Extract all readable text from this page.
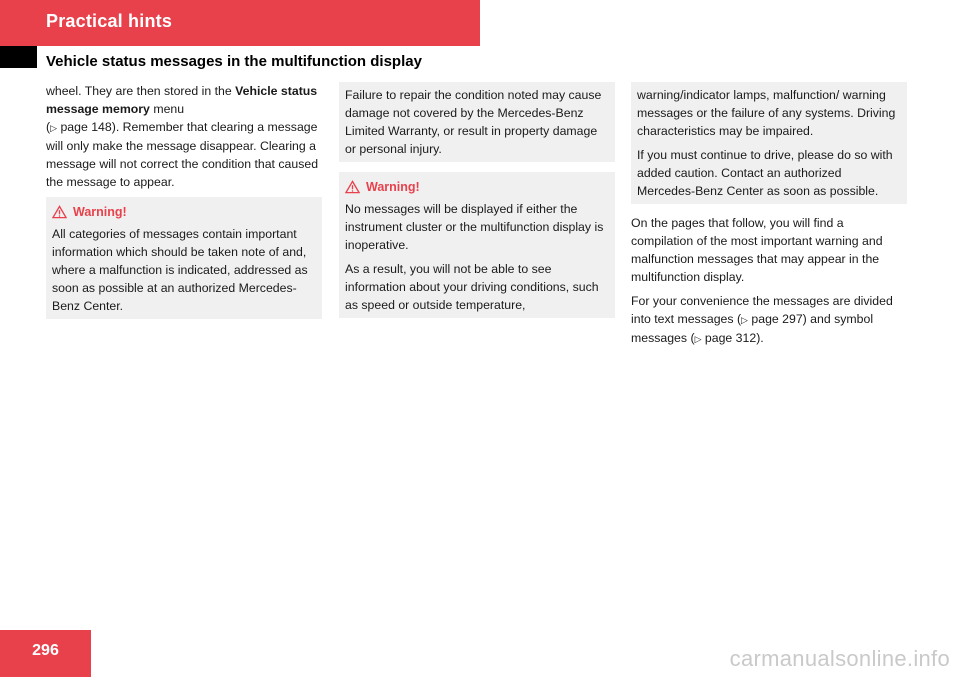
Practical hints
Vehicle status messages in the multifunction display

wheel. They are then stored in the Vehicle status message memory menu
(▷ page 148). Remember that clearing a message will only make the message disappear. Clearing a message will not correct the condition that caused the message to appear.

Warning!

All categories of messages contain important information which should be taken note of and, where a malfunction is indicated, addressed as soon as possible at an authorized Mercedes-Benz Center.

Failure to repair the condition noted may cause damage not covered by the Mercedes-Benz Limited Warranty, or result in property damage or personal injury.

Warning!

No messages will be displayed if either the instrument cluster or the multifunction display is inoperative.

As a result, you will not be able to see information about your driving conditions, such as speed or outside temperature,

warning/indicator lamps, malfunction/ warning messages or the failure of any systems. Driving characteristics may be impaired.

If you must continue to drive, please do so with added caution. Contact an authorized Mercedes-Benz Center as soon as possible.

On the pages that follow, you will find a compilation of the most important warning and malfunction messages that may appear in the multifunction display.

For your convenience the messages are divided into text messages (▷ page 297) and symbol messages (▷ page 312).

296	carmanualsonline.info
